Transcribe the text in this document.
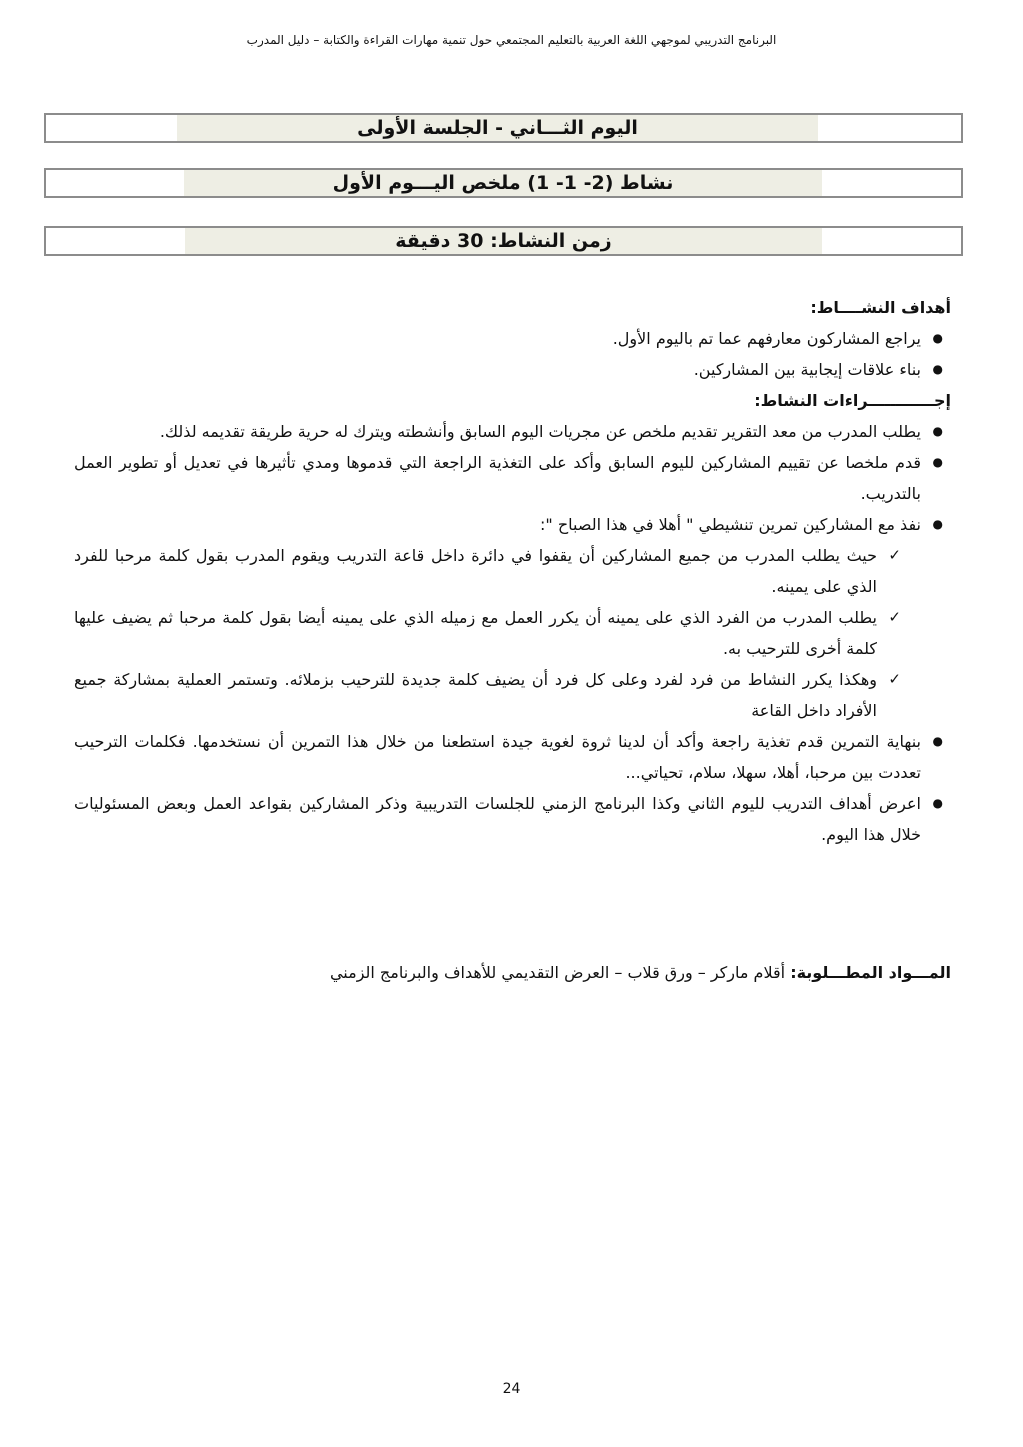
البرنامج التدريبي لموجهي اللغة العربية بالتعليم المجتمعي حول تنمية مهارات القراءة والكتابة – دليل المدرب
اليوم الثـــاني - الجلسة الأولى
نشاط (2- 1- 1) ملخص اليـــوم الأول
زمن النشاط: 30 دقيقة
أهداف النشــــاط:
●
يراجع المشاركون معارفهم عما تم باليوم الأول.
●
بناء علاقات إيجابية بين المشاركين.
إجــــــــــــراءات النشاط:
●
يطلب المدرب من معد التقرير تقديم ملخص عن مجريات اليوم السابق وأنشطته ويترك له حرية طريقة تقديمه لذلك.
●
قدم ملخصا عن تقييم المشاركين لليوم السابق وأكد على التغذية الراجعة التي قدموها ومدي تأثيرها في تعديل أو تطوير العمل بالتدريب.
●
نفذ مع المشاركين تمرين تنشيطي " أهلا في هذا الصباح ":
✓
حيث يطلب المدرب من جميع المشاركين أن يقفوا في دائرة داخل قاعة التدريب ويقوم المدرب بقول كلمة مرحبا للفرد الذي على يمينه.
✓
يطلب المدرب من الفرد الذي على يمينه أن يكرر العمل مع زميله الذي على يمينه أيضا بقول كلمة مرحبا ثم يضيف عليها كلمة أخرى للترحيب به.
✓
وهكذا يكرر النشاط من فرد لفرد وعلى كل فرد أن يضيف كلمة جديدة للترحيب بزملائه. وتستمر العملية بمشاركة جميع الأفراد داخل القاعة
●
بنهاية التمرين قدم تغذية راجعة وأكد أن لدينا ثروة لغوية جيدة استطعنا من خلال هذا التمرين أن نستخدمها. فكلمات الترحيب تعددت بين مرحبا، أهلا، سهلا، سلام، تحياتي...
●
اعرض أهداف التدريب لليوم الثاني وكذا البرنامج الزمني للجلسات التدريبية وذكر المشاركين بقواعد العمل وبعض المسئوليات خلال هذا اليوم.
المـــواد المطـــلوبة: أقلام ماركر – ورق قلاب – العرض التقديمي للأهداف والبرنامج الزمني
24
